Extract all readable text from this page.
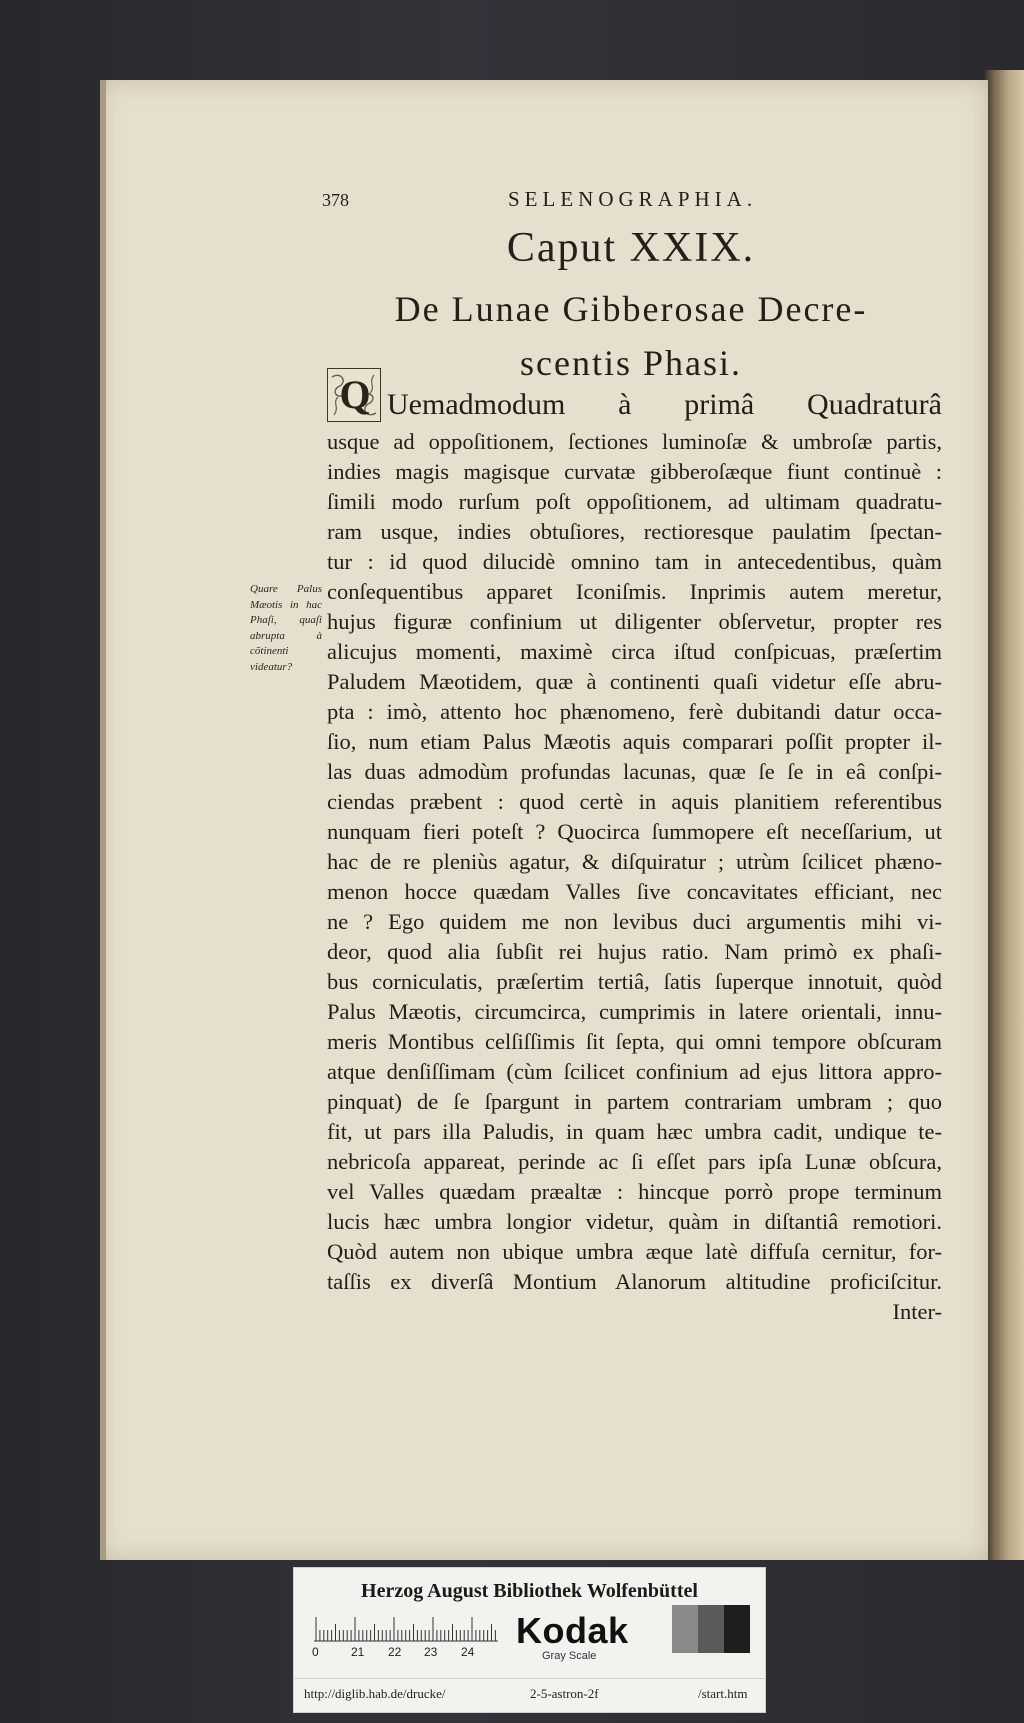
378	SELENOGRAPHIA.
Caput XXIX.
De Lunae Gibberosae Decre-
scentis Phasi.
Q
Quare Palus Mæotis in hac Phaſi, quaſi abrupta à cõtinenti videatur?
Uemadmodum à primâ Quadraturâ
usque ad oppoſitionem, ſectiones luminoſæ & umbroſæ partis,
indies magis magisque curvatæ gibberoſæque fiunt continuè :
ſimili modo rurſum poſt oppoſitionem, ad ultimam quadratu-
ram usque, indies obtuſiores, rectioresque paulatim ſpectan-
tur : id quod dilucidè omnino tam in antecedentibus, quàm
conſequentibus apparet Iconiſmis. Inprimis autem meretur,
hujus figuræ confinium ut diligenter obſervetur, propter res
alicujus momenti, maximè circa iſtud conſpicuas, præſertim
Paludem Mæotidem, quæ à continenti quaſi videtur eſſe abru-
pta : imò, attento hoc phænomeno, ferè dubitandi datur occa-
ſio, num etiam Palus Mæotis aquis comparari poſſit propter il-
las duas admodùm profundas lacunas, quæ ſe ſe in eâ conſpi-
ciendas præbent : quod certè in aquis planitiem referentibus
nunquam fieri poteſt ? Quocirca ſummopere eſt neceſſarium, ut
hac de re pleniùs agatur, & diſquiratur ; utrùm ſcilicet phæno-
menon hocce quædam Valles ſive concavitates efficiant, nec
ne ? Ego quidem me non levibus duci argumentis mihi vi-
deor, quod alia ſubſit rei hujus ratio. Nam primò ex phaſi-
bus corniculatis, præſertim tertiâ, ſatis ſuperque innotuit, quòd
Palus Mæotis, circumcirca, cumprimis in latere orientali, innu-
meris Montibus celſiſſimis ſit ſepta, qui omni tempore obſcuram
atque denſiſſimam (cùm ſcilicet confinium ad ejus littora appro-
pinquat) de ſe ſpargunt in partem contrariam umbram ; quo
fit, ut pars illa Paludis, in quam hæc umbra cadit, undique te-
nebricoſa appareat, perinde ac ſi eſſet pars ipſa Lunæ obſcura,
vel Valles quædam præaltæ : hincque porrò prope terminum
lucis hæc umbra longior videtur, quàm in diſtantiâ remotiori.
Quòd autem non ubique umbra æque latè diffuſa cernitur, for-
taſſis ex diverſâ Montium Alanorum altitudine proficiſcitur.
Inter-
Herzog August Bibliothek Wolfenbüttel
0	21 22 23 24
Kodak
Gray Scale
http://diglib.hab.de/drucke/	2-5-astron-2f	/start.htm
